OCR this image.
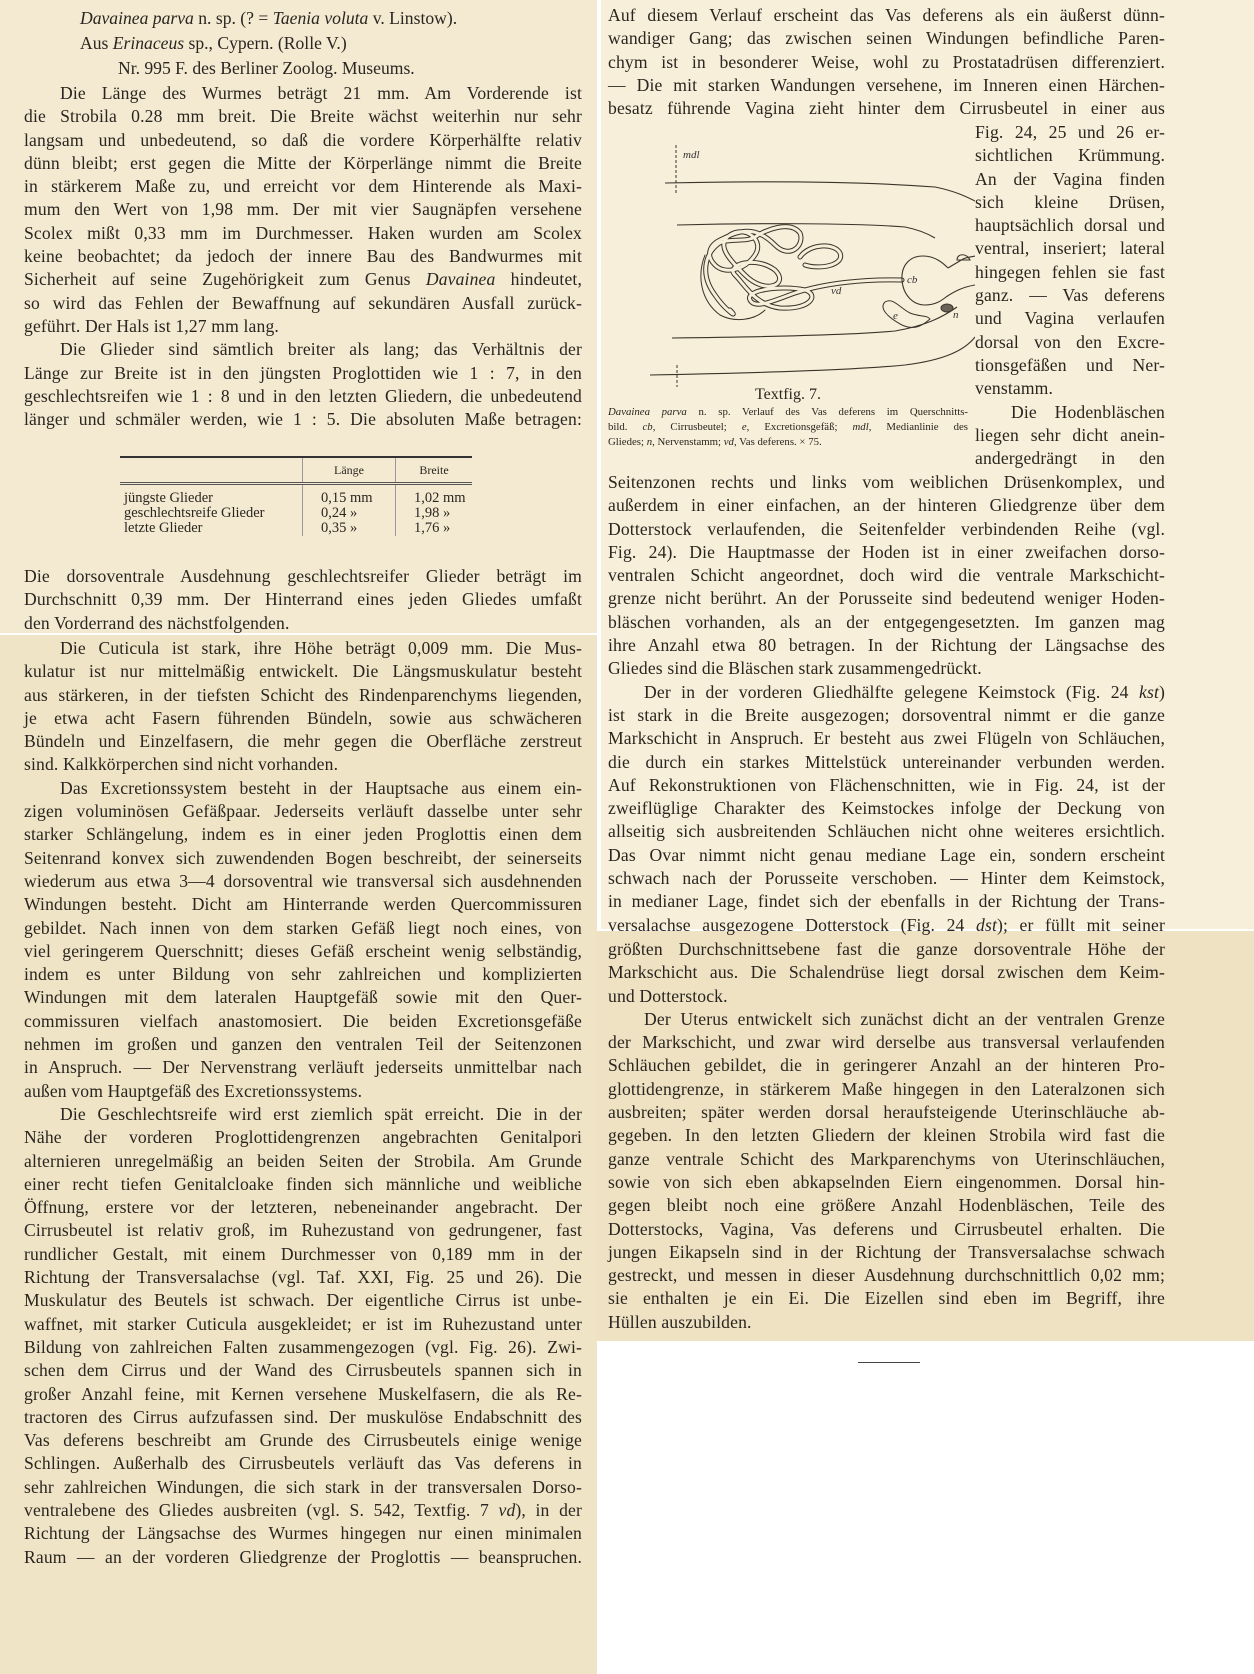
Davainea parva n. sp. (? = Taenia voluta v. Linstow).
Aus Erinaceus sp., Cypern. (Rolle V.)
Nr. 995 F. des Berliner Zoolog. Museums.
Die Länge des Wurmes beträgt 21 mm. Am Vorderende ist
die Strobila 0.28 mm breit. Die Breite wächst weiterhin nur sehr
langsam und unbedeutend, so daß die vordere Körperhälfte relativ
dünn bleibt; erst gegen die Mitte der Körperlänge nimmt die Breite
in stärkerem Maße zu, und erreicht vor dem Hinterende als Maxi-
mum den Wert von 1,98 mm. Der mit vier Saugnäpfen versehene
Scolex mißt 0,33 mm im Durchmesser. Haken wurden am Scolex
keine beobachtet; da jedoch der innere Bau des Bandwurmes mit
Sicherheit auf seine Zugehörigkeit zum Genus Davainea hindeutet,
so wird das Fehlen der Bewaffnung auf sekundären Ausfall zurück-
geführt. Der Hals ist 1,27 mm lang.
Die Glieder sind sämtlich breiter als lang; das Verhältnis der
Länge zur Breite ist in den jüngsten Proglottiden wie 1 : 7, in den
geschlechtsreifen wie 1 : 8 und in den letzten Gliedern, die unbedeutend
länger und schmäler werden, wie 1 : 5. Die absoluten Maße betragen:
	Länge	Breite
jüngste Glieder	0,15 mm	1,02 mm
geschlechtsreife Glieder	0,24 »	1,98 »
letzte Glieder	0,35 »	1,76 »
Die dorsoventrale Ausdehnung geschlechtsreifer Glieder beträgt im
Durchschnitt 0,39 mm. Der Hinterrand eines jeden Gliedes umfaßt
den Vorderrand des nächstfolgenden.
Die Cuticula ist stark, ihre Höhe beträgt 0,009 mm. Die Mus-
kulatur ist nur mittelmäßig entwickelt. Die Längsmuskulatur besteht
aus stärkeren, in der tiefsten Schicht des Rindenparenchyms liegenden,
je etwa acht Fasern führenden Bündeln, sowie aus schwächeren
Bündeln und Einzelfasern, die mehr gegen die Oberfläche zerstreut
sind. Kalkkörperchen sind nicht vorhanden.
Das Excretionssystem besteht in der Hauptsache aus einem ein-
zigen voluminösen Gefäßpaar. Jederseits verläuft dasselbe unter sehr
starker Schlängelung, indem es in einer jeden Proglottis einen dem
Seitenrand konvex sich zuwendenden Bogen beschreibt, der seinerseits
wiederum aus etwa 3—4 dorsoventral wie transversal sich ausdehnenden
Windungen besteht. Dicht am Hinterrande werden Quercommissuren
gebildet. Nach innen von dem starken Gefäß liegt noch eines, von
viel geringerem Querschnitt; dieses Gefäß erscheint wenig selbständig,
indem es unter Bildung von sehr zahlreichen und komplizierten
Windungen mit dem lateralen Hauptgefäß sowie mit den Quer-
commissuren vielfach anastomosiert. Die beiden Excretionsgefäße
nehmen im großen und ganzen den ventralen Teil der Seitenzonen
in Anspruch. — Der Nervenstrang verläuft jederseits unmittelbar nach
außen vom Hauptgefäß des Excretionssystems.
Die Geschlechtsreife wird erst ziemlich spät erreicht. Die in der
Nähe der vorderen Proglottidengrenzen angebrachten Genitalpori
alternieren unregelmäßig an beiden Seiten der Strobila. Am Grunde
einer recht tiefen Genitalcloake finden sich männliche und weibliche
Öffnung, erstere vor der letzteren, nebeneinander angebracht. Der
Cirrusbeutel ist relativ groß, im Ruhezustand von gedrungener, fast
rundlicher Gestalt, mit einem Durchmesser von 0,189 mm in der
Richtung der Transversalachse (vgl. Taf. XXI, Fig. 25 und 26). Die
Muskulatur des Beutels ist schwach. Der eigentliche Cirrus ist unbe-
waffnet, mit starker Cuticula ausgekleidet; er ist im Ruhezustand unter
Bildung von zahlreichen Falten zusammengezogen (vgl. Fig. 26). Zwi-
schen dem Cirrus und der Wand des Cirrusbeutels spannen sich in
großer Anzahl feine, mit Kernen versehene Muskelfasern, die als Re-
tractoren des Cirrus aufzufassen sind. Der muskulöse Endabschnitt des
Vas deferens beschreibt am Grunde des Cirrusbeutels einige wenige
Schlingen. Außerhalb des Cirrusbeutels verläuft das Vas deferens in
sehr zahlreichen Windungen, die sich stark in der transversalen Dorso-
ventralebene des Gliedes ausbreiten (vgl. S. 542, Textfig. 7 vd), in der
Richtung der Längsachse des Wurmes hingegen nur einen minimalen
Raum — an der vorderen Gliedgrenze der Proglottis — beanspruchen.
Auf diesem Verlauf erscheint das Vas deferens als ein äußerst dünn-
wandiger Gang; das zwischen seinen Windungen befindliche Paren-
chym ist in besonderer Weise, wohl zu Prostatadrüsen differenziert.
— Die mit starken Wandungen versehene, im Inneren einen Härchen-
besatz führende Vagina zieht hinter dem Cirrusbeutel in einer aus
Fig. 24, 25 und 26 er-
sichtlichen Krümmung.
An der Vagina finden
sich kleine Drüsen,
hauptsächlich dorsal und
ventral, inseriert; lateral
hingegen fehlen sie fast
ganz. — Vas deferens
und Vagina verlaufen
dorsal von den Excre-
tionsgefäßen und Ner-
venstamm.
Die Hodenbläschen
liegen sehr dicht anein-
andergedrängt in den
Seitenzonen rechts und links vom weiblichen Drüsenkomplex, und
außerdem in einer einfachen, an der hinteren Gliedgrenze über dem
Dotterstock verlaufenden, die Seitenfelder verbindenden Reihe (vgl.
Fig. 24). Die Hauptmasse der Hoden ist in einer zweifachen dorso-
ventralen Schicht angeordnet, doch wird die ventrale Markschicht-
grenze nicht berührt. An der Porusseite sind bedeutend weniger Hoden-
bläschen vorhanden, als an der entgegengesetzten. Im ganzen mag
ihre Anzahl etwa 80 betragen. In der Richtung der Längsachse des
Gliedes sind die Bläschen stark zusammengedrückt.
Der in der vorderen Gliedhälfte gelegene Keimstock (Fig. 24 kst)
ist stark in die Breite ausgezogen; dorsoventral nimmt er die ganze
Markschicht in Anspruch. Er besteht aus zwei Flügeln von Schläuchen,
die durch ein starkes Mittelstück untereinander verbunden werden.
Auf Rekonstruktionen von Flächenschnitten, wie in Fig. 24, ist der
zweiflüglige Charakter des Keimstockes infolge der Deckung von
allseitig sich ausbreitenden Schläuchen nicht ohne weiteres ersichtlich.
Das Ovar nimmt nicht genau mediane Lage ein, sondern erscheint
schwach nach der Porusseite verschoben. — Hinter dem Keimstock,
in medianer Lage, findet sich der ebenfalls in der Richtung der Trans-
versalachse ausgezogene Dotterstock (Fig. 24 dst); er füllt mit seiner
mdl
cb
vd
e	n
Textfig. 7.
Davainea parva n. sp. Verlauf des Vas deferens im Querschnitts-
bild. cb, Cirrusbeutel; e, Excretionsgefäß; mdl, Medianlinie des
Gliedes; n, Nervenstamm; vd, Vas deferens. × 75.
größten Durchschnittsebene fast die ganze dorsoventrale Höhe der
Markschicht aus. Die Schalendrüse liegt dorsal zwischen dem Keim-
und Dotterstock.
Der Uterus entwickelt sich zunächst dicht an der ventralen Grenze
der Markschicht, und zwar wird derselbe aus transversal verlaufenden
Schläuchen gebildet, die in geringerer Anzahl an der hinteren Pro-
glottidengrenze, in stärkerem Maße hingegen in den Lateralzonen sich
ausbreiten; später werden dorsal heraufsteigende Uterinschläuche ab-
gegeben. In den letzten Gliedern der kleinen Strobila wird fast die
ganze ventrale Schicht des Markparenchyms von Uterinschläuchen,
sowie von sich eben abkapselnden Eiern eingenommen. Dorsal hin-
gegen bleibt noch eine größere Anzahl Hodenbläschen, Teile des
Dotterstocks, Vagina, Vas deferens und Cirrusbeutel erhalten. Die
jungen Eikapseln sind in der Richtung der Transversalachse schwach
gestreckt, und messen in dieser Ausdehnung durchschnittlich 0,02 mm;
sie enthalten je ein Ei. Die Eizellen sind eben im Begriff, ihre
Hüllen auszubilden.
